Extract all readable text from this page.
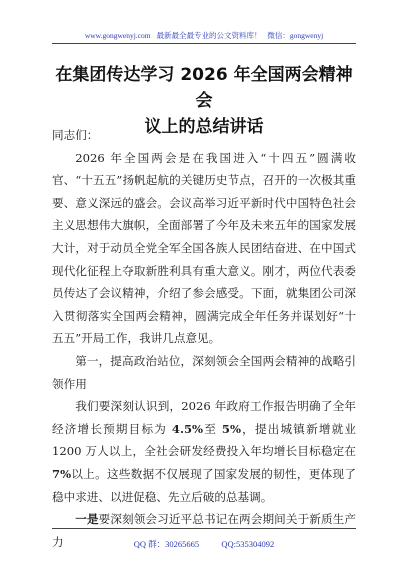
www.gongwenyj.com 最新最全最专业的公文资料库！ 微信：gongwenyj
在集团传达学习 2026 年全国两会精神会
议上的总结讲话

同志们：

2026 年全国两会是在我国进入“十四五”圆满收官、“十五五”扬帆起航的关键历史节点，召开的一次极其重要、意义深远的盛会。会议高举习近平新时代中国特色社会主义思想伟大旗帜，全面部署了今年及未来五年的国家发展大计，对于动员全党全军全国各族人民团结奋进、在中国式现代化征程上夺取新胜利具有重大意义。刚才，两位代表委员传达了会议精神，介绍了参会感受。下面，就集团公司深入贯彻落实全国两会精神，圆满完成全年任务并谋划好“十五五”开局工作，我讲几点意见。

第一，提高政治站位，深刻领会全国两会精神的战略引领作用

我们要深刻认识到，2026 年政府工作报告明确了全年经济增长预期目标为 4.5%至 5%，提出城镇新增就业 1200 万人以上，全社会研发经费投入年均增长目标稳定在 7%以上。这些数据不仅展现了国家发展的韧性，更体现了稳中求进、以进促稳、先立后破的总基调。

一是要深刻领会习近平总书记在两会期间关于新质生产力	QQ 群：30265665	QQ:535304092
